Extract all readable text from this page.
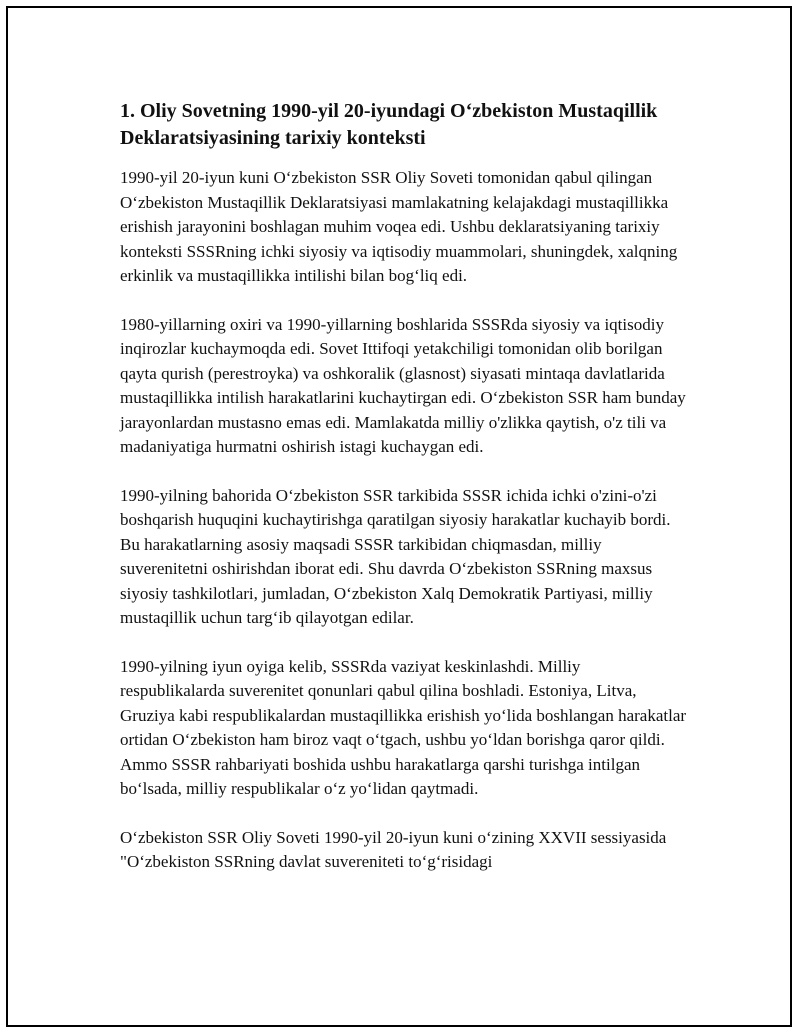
1. Oliy Sovetning 1990-yil 20-iyundagi O‘zbekiston Mustaqillik Deklaratsiyasining tarixiy konteksti

1990-yil 20-iyun kuni O‘zbekiston SSR Oliy Soveti tomonidan qabul qilingan O‘zbekiston Mustaqillik Deklaratsiyasi mamlakatning kelajakdagi mustaqillikka erishish jarayonini boshlagan muhim voqea edi. Ushbu deklaratsiyaning tarixiy konteksti SSSRning ichki siyosiy va iqtisodiy muammolari, shuningdek, xalqning erkinlik va mustaqillikka intilishi bilan bog‘liq edi.

1980-yillarning oxiri va 1990-yillarning boshlarida SSSRda siyosiy va iqtisodiy inqirozlar kuchaymoqda edi. Sovet Ittifoqi yetakchiligi tomonidan olib borilgan qayta qurish (perestroyka) va oshkoralik (glasnost) siyasati mintaqa davlatlarida mustaqillikka intilish harakatlarini kuchaytirgan edi. O‘zbekiston SSR ham bunday jarayonlardan mustasno emas edi. Mamlakatda milliy o'zlikka qaytish, o'z tili va madaniyatiga hurmatni oshirish istagi kuchaygan edi.

1990-yilning bahorida O‘zbekiston SSR tarkibida SSSR ichida ichki o'zini-o'zi boshqarish huquqini kuchaytirishga qaratilgan siyosiy harakatlar kuchayib bordi. Bu harakatlarning asosiy maqsadi SSSR tarkibidan chiqmasdan, milliy suverenitetni oshirishdan iborat edi. Shu davrda O‘zbekiston SSRning maxsus siyosiy tashkilotlari, jumladan, O‘zbekiston Xalq Demokratik Partiyasi, milliy mustaqillik uchun targ‘ib qilayotgan edilar.

1990-yilning iyun oyiga kelib, SSSRda vaziyat keskinlashdi. Milliy respublikalarda suverenitet qonunlari qabul qilina boshladi. Estoniya, Litva, Gruziya kabi respublikalardan mustaqillikka erishish yo‘lida boshlangan harakatlar ortidan O‘zbekiston ham biroz vaqt o‘tgach, ushbu yo‘ldan borishga qaror qildi. Ammo SSSR rahbariyati boshida ushbu harakatlarga qarshi turishga intilgan bo‘lsada, milliy respublikalar o‘z yo‘lidan qaytmadi.

O‘zbekiston SSR Oliy Soveti 1990-yil 20-iyun kuni o‘zining XXVII sessiyasida "O‘zbekiston SSRning davlat suvereniteti to‘g‘risidagi
